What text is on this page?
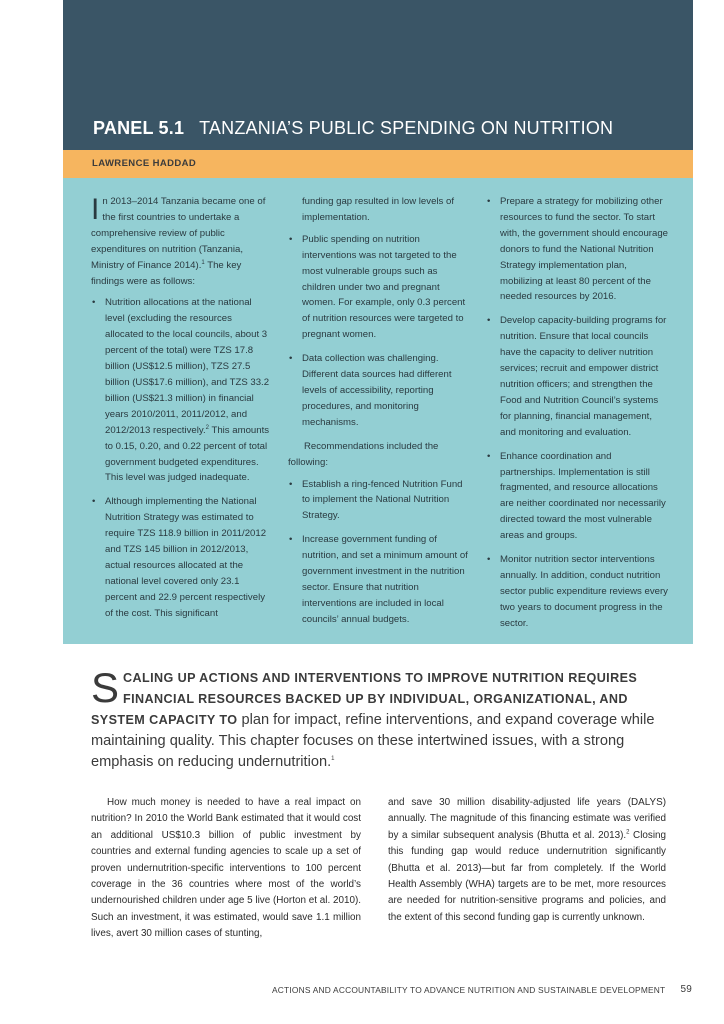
PANEL 5.1 TANZANIA’S PUBLIC SPENDING ON NUTRITION
LAWRENCE HADDAD

In 2013–2014 Tanzania became one of the first countries to undertake a comprehensive review of public expenditures on nutrition (Tanzania, Ministry of Finance 2014).$^1$ The key findings were as follows:

• Nutrition allocations at the national level (excluding the resources allocated to the local councils, about 3 percent of the total) were TZS 17.8 billion (US$12.5 million), TZS 27.5 billion (US$17.6 million), and TZS 33.2 billion (US$21.3 million) in financial years 2010/2011, 2011/2012, and 2012/2013 respectively.$^2$ This amounts to 0.15, 0.20, and 0.22 percent of total government budgeted expenditures. This level was judged inadequate.
• Although implementing the National Nutrition Strategy was estimated to require TZS 118.9 billion in 2011/2012 and TZS 145 billion in 2012/2013, actual resources allocated at the national level covered only 23.1 percent and 22.9 percent respectively of the cost. This significant

funding gap resulted in low levels of implementation.

• Public spending on nutrition interventions was not targeted to the most vulnerable groups such as children under two and pregnant women. For example, only 0.3 percent of nutrition resources were targeted to pregnant women.
• Data collection was challenging. Different data sources had different levels of accessibility, reporting procedures, and monitoring mechanisms.

Recommendations included the following:

• Establish a ring-fenced Nutrition Fund to implement the National Nutrition Strategy.
• Increase government funding of nutrition, and set a minimum amount of government investment in the nutrition sector. Ensure that nutrition interventions are included in local councils’ annual budgets.
• Prepare a strategy for mobilizing other resources to fund the sector. To start with, the government should encourage donors to fund the National Nutrition Strategy implementation plan, mobilizing at least 80 percent of the needed resources by 2016.
• Develop capacity-building programs for nutrition. Ensure that local councils have the capacity to deliver nutrition services; recruit and empower district nutrition officers; and strengthen the Food and Nutrition Council’s systems for planning, financial management, and monitoring and evaluation.
• Enhance coordination and partnerships. Implementation is still fragmented, and resource allocations are neither coordinated nor necessarily directed toward the most vulnerable areas and groups.
• Monitor nutrition sector interventions annually. In addition, conduct nutrition sector public expenditure reviews every two years to document progress in the sector.
SCALING UP ACTIONS AND INTERVENTIONS TO IMPROVE NUTRITION REQUIRES FINANCIAL RESOURCES BACKED UP BY INDIVIDUAL, ORGANIZATIONAL, AND SYSTEM CAPACITY TO plan for impact, refine interventions, and expand coverage while maintaining quality. This chapter focuses on these intertwined issues, with a strong emphasis on reducing undernutrition.$^1$

How much money is needed to have a real impact on nutrition? In 2010 the World Bank estimated that it would cost an additional US$10.3 billion of public investment by countries and external funding agencies to scale up a set of proven undernutrition-specific interventions to 100 percent coverage in the 36 countries where most of the world’s undernourished children under age 5 live (Horton et al. 2010). Such an investment, it was estimated, would save 1.1 million lives, avert 30 million cases of stunting,

and save 30 million disability-adjusted life years (DALYS) annually. The magnitude of this financing estimate was verified by a similar subsequent analysis (Bhutta et al. 2013).$^2$ Closing this funding gap would reduce undernutrition significantly (Bhutta et al. 2013)—but far from completely. If the World Health Assembly (WHA) targets are to be met, more resources are needed for nutrition-sensitive programs and policies, and the extent of this second funding gap is currently unknown.

ACTIONS AND ACCOUNTABILITY TO ADVANCE NUTRITION AND SUSTAINABLE DEVELOPMENT 59
